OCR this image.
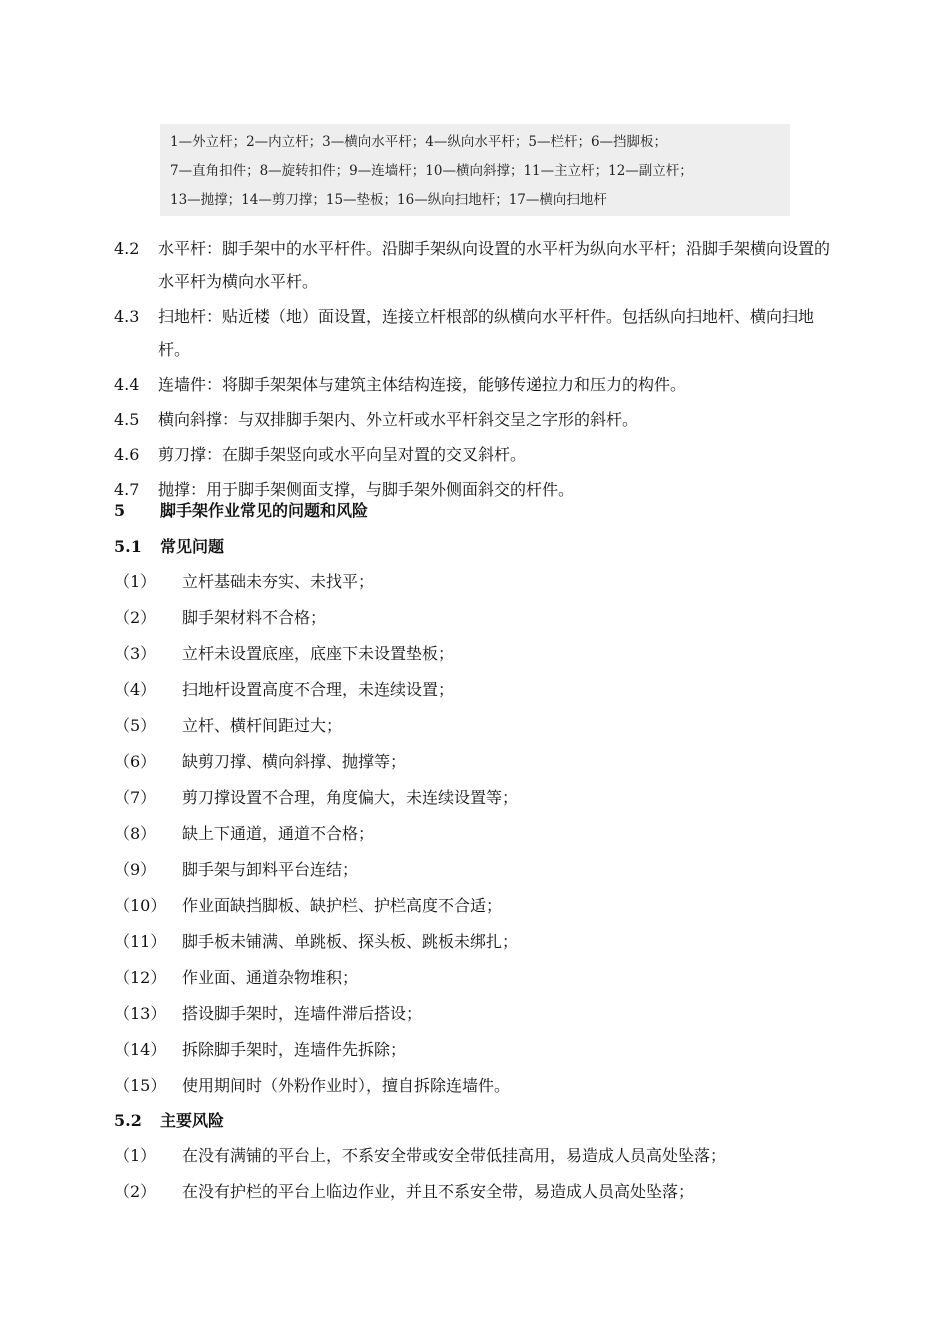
1—外立杆；2—内立杆；3—横向水平杆；4—纵向水平杆；5—栏杆；6—挡脚板；
7—直角扣件；8—旋转扣件；9—连墙杆；10—横向斜撑；11—主立杆；12—副立杆；
13—抛撑；14—剪刀撑；15—垫板；16—纵向扫地杆；17—横向扫地杆
4.2	水平杆：脚手架中的水平杆件。沿脚手架纵向设置的水平杆为纵向水平杆；沿脚手架横向设置的水平杆为横向水平杆。
4.3	扫地杆：贴近楼（地）面设置，连接立杆根部的纵横向水平杆件。包括纵向扫地杆、横向扫地杆。
4.4	连墙件：将脚手架架体与建筑主体结构连接，能够传递拉力和压力的构件。
4.5	横向斜撑：与双排脚手架内、外立杆或水平杆斜交呈之字形的斜杆。
4.6	剪刀撑：在脚手架竖向或水平向呈对置的交叉斜杆。
4.7	抛撑：用于脚手架侧面支撑，与脚手架外侧面斜交的杆件。
5 脚手架作业常见的问题和风险
5.1 常见问题
（1） 立杆基础未夯实、未找平；
（2） 脚手架材料不合格；
（3） 立杆未设置底座，底座下未设置垫板；
（4） 扫地杆设置高度不合理，未连续设置；
（5） 立杆、横杆间距过大；
（6） 缺剪刀撑、横向斜撑、抛撑等；
（7） 剪刀撑设置不合理，角度偏大，未连续设置等；
（8） 缺上下通道，通道不合格；
（9） 脚手架与卸料平台连结；
（10） 作业面缺挡脚板、缺护栏、护栏高度不合适；
（11） 脚手板未铺满、单跳板、探头板、跳板未绑扎；
（12） 作业面、通道杂物堆积；
（13） 搭设脚手架时，连墙件滞后搭设；
（14） 拆除脚手架时，连墙件先拆除；
（15） 使用期间时（外粉作业时），擅自拆除连墙件。
5.2 主要风险
（1） 在没有满铺的平台上，不系安全带或安全带低挂高用，易造成人员高处坠落；
（2） 在没有护栏的平台上临边作业，并且不系安全带，易造成人员高处坠落；
